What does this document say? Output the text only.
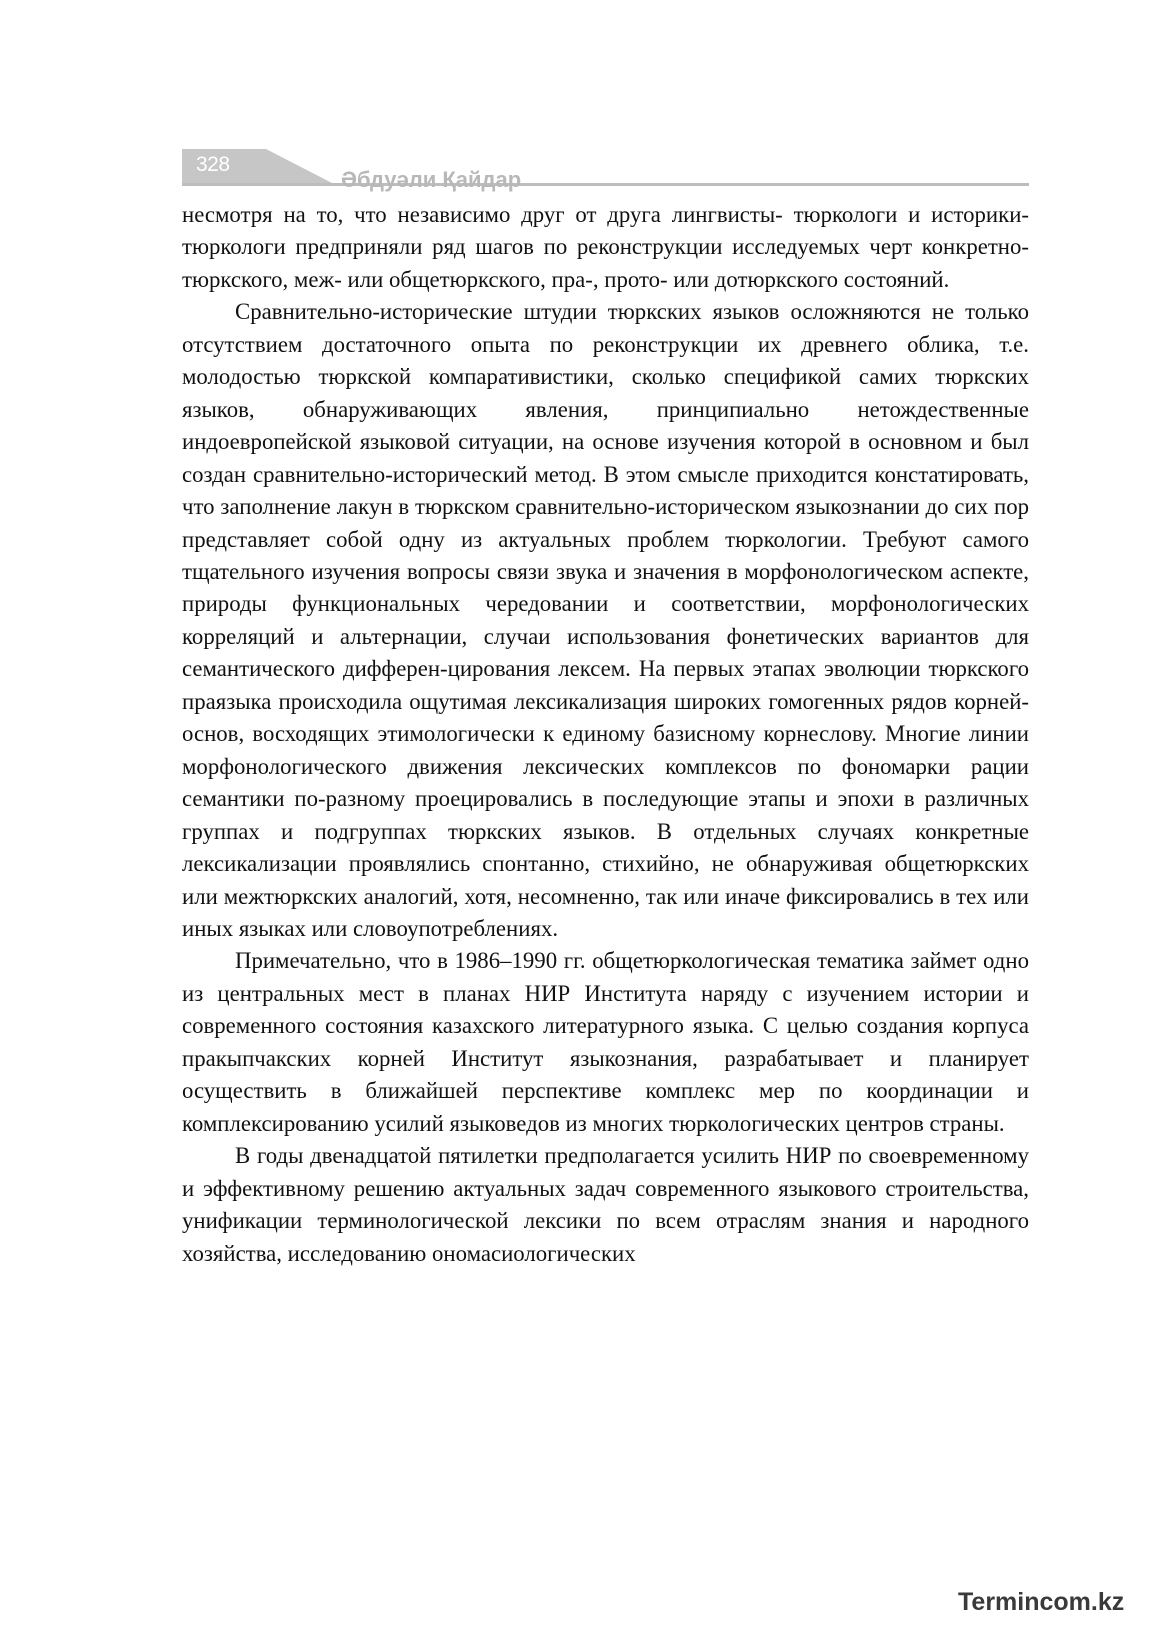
328
Әбдуәли Қайдар

несмотря на то, что независимо друг от друга лингвисты- тюркологи и историки-тюркологи предприняли ряд шагов по реконструкции исследуемых черт конкретно-тюркского, меж- или общетюркского, пра-, прото- или дотюркского состояний.

Сравнительно-исторические штудии тюркских языков осложняются не только отсутствием достаточного опыта по реконструкции их древнего облика, т.е. молодостью тюркской компаративистики, сколько спецификой самих тюркских языков, обнаруживающих явления, принципиально нетождественные индоевропейской языковой ситуации, на основе изучения которой в основном и был создан сравнительно-исторический метод. В этом смысле приходится констатировать, что заполнение лакун в тюркском сравнительно-историческом языкознании до сих пор представляет собой одну из актуальных проблем тюркологии. Требуют самого тщательного изучения вопросы связи звука и значения в морфонологическом аспекте, природы функциональных чередовании и соответствии, морфонологических корреляций и альтернации, случаи использования фонетических вариантов для семантического дифферен-цирования лексем. На первых этапах эволюции тюркского праязыка происходила ощутимая лексикализация широких гомогенных рядов корней-основ, восходящих этимологически к единому базисному корнеслову. Многие линии морфонологического движения лексических комплексов по фономарки рации семантики по-разному проецировались в последующие этапы и эпохи в различных группах и подгруппах тюркских языков. В отдельных случаях конкретные лексикализации проявлялись спонтанно, стихийно, не обнаруживая общетюркских или межтюркских аналогий, хотя, несомненно, так или иначе фиксировались в тех или иных языках или словоупотреблениях.

Примечательно, что в 1986–1990 гг. общетюркологическая тематика займет одно из центральных мест в планах НИР Института наряду с изучением истории и современного состояния казахского литературного языка. С целью создания корпуса пракыпчакских корней Институт языкознания, разрабатывает и планирует осуществить в ближайшей перспективе комплекс мер по координации и комплексированию усилий языковедов из многих тюркологических центров страны.

В годы двенадцатой пятилетки предполагается усилить НИР по своевременному и эффективному решению актуальных задач современного языкового строительства, унификации терминологической лексики по всем отраслям знания и народного хозяйства, исследованию ономасиологических

Termincom.kz
